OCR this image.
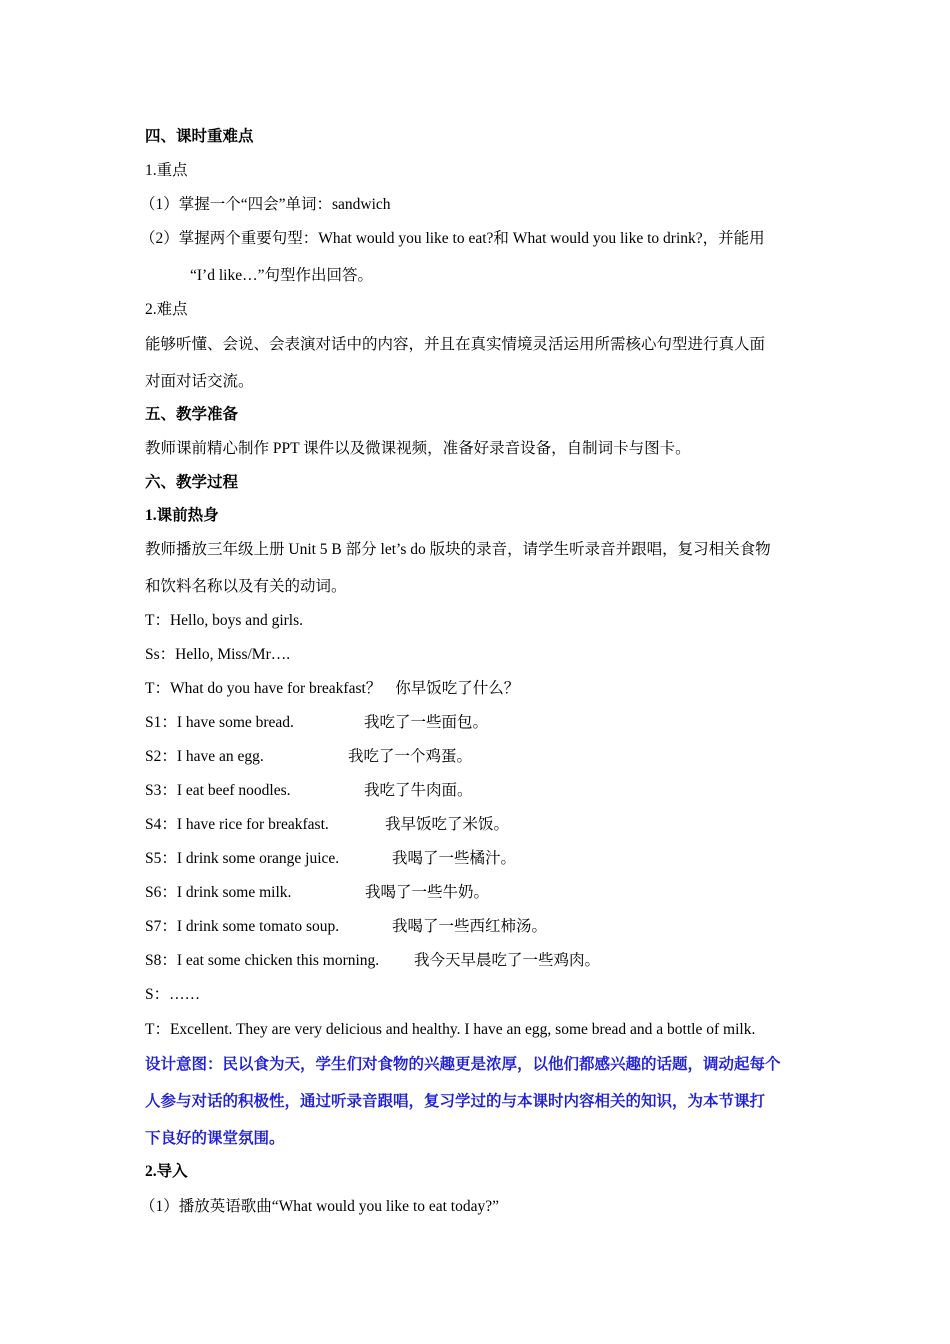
四、课时重难点
1.重点
（1）掌握一个“四会”单词：sandwich
（2）掌握两个重要句型：What would you like to eat?和 What would you like to drink?，并能用
“I’d like…”句型作出回答。
2.难点
能够听懂、会说、会表演对话中的内容，并且在真实情境灵活运用所需核心句型进行真人面
对面对话交流。
五、教学准备
教师课前精心制作 PPT 课件以及微课视频，准备好录音设备，自制词卡与图卡。
六、教学过程
1.课前热身
教师播放三年级上册 Unit 5 B 部分 let’s do 版块的录音，请学生听录音并跟唱，复习相关食物
和饮料名称以及有关的动词。
T：Hello, boys and girls.
Ss：Hello, Miss/Mr….
T：What do you have for breakfast？ 你早饭吃了什么？
S1：I have some bread.	我吃了一些面包。
S2：I have an egg.	我吃了一个鸡蛋。
S3：I eat beef noodles.	我吃了牛肉面。
S4：I have rice for breakfast.	我早饭吃了米饭。
S5：I drink some orange juice.	我喝了一些橘汁。
S6：I drink some milk.	我喝了一些牛奶。
S7：I drink some tomato soup.	我喝了一些西红柿汤。
S8：I eat some chicken this morning. 我今天早晨吃了一些鸡肉。
S：……
T：Excellent. They are very delicious and healthy. I have an egg, some bread and a bottle of milk.
设计意图：民以食为天，学生们对食物的兴趣更是浓厚，以他们都感兴趣的话题，调动起每个
人参与对话的积极性，通过听录音跟唱，复习学过的与本课时内容相关的知识，为本节课打
下良好的课堂氛围。
2.导入
（1）播放英语歌曲“What would you like to eat today?”
